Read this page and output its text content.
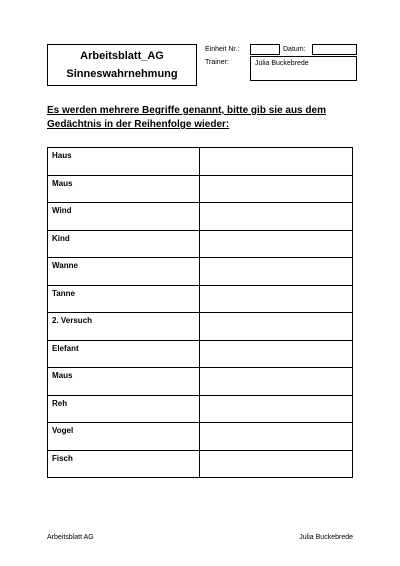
Arbeitsblatt_AG
Sinneswahrnehmung
Einheit Nr.:	Datum:
Trainer:	Julia Buckebrede
Es werden mehrere Begriffe genannt, bitte gib sie aus dem Gedächtnis in der Reihenfolge wieder:
Haus	
Maus	
Wind	
Kind	
Wanne	
Tanne	
2. Versuch	
Elefant	
Maus	
Reh	
Vogel	
Fisch	
Arbeitsblatt AG	Julia Buckebrede
